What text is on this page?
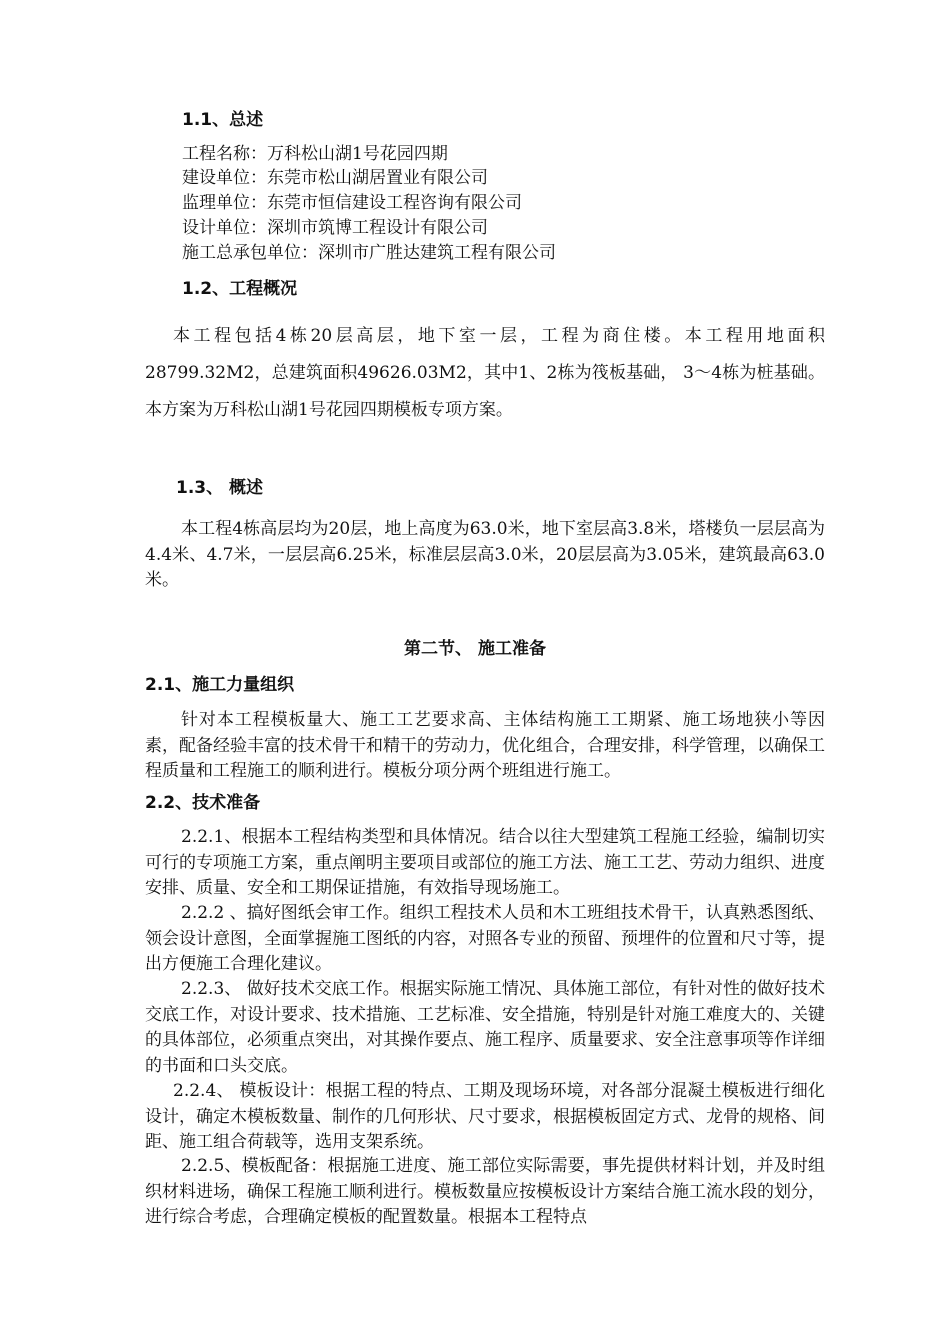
1.1、总述
工程名称：万科松山湖1号花园四期
建设单位：东莞市松山湖居置业有限公司
监理单位：东莞市恒信建设工程咨询有限公司
设计单位：深圳市筑博工程设计有限公司
施工总承包单位：深圳市广胜达建筑工程有限公司
1.2、工程概况
本工程包括4栋20层高层，地下室一层，工程为商住楼。本工程用地面积28799.32M2，总建筑面积49626.03M2，其中1、2栋为筏板基础， 3～4栋为桩基础。本方案为万科松山湖1号花园四期模板专项方案。
1.3、 概述
本工程4栋高层均为20层，地上高度为63.0米，地下室层高3.8米，塔楼负一层层高为4.4米、4.7米，一层层高6.25米，标准层层高3.0米，20层层高为3.05米，建筑最高63.0米。
第二节、 施工准备
2.1、施工力量组织
针对本工程模板量大、施工工艺要求高、主体结构施工工期紧、施工场地狭小等因素，配备经验丰富的技术骨干和精干的劳动力，优化组合，合理安排，科学管理，以确保工程质量和工程施工的顺利进行。模板分项分两个班组进行施工。
2.2、技术准备
2.2.1、根据本工程结构类型和具体情况。结合以往大型建筑工程施工经验，编制切实可行的专项施工方案，重点阐明主要项目或部位的施工方法、施工工艺、劳动力组织、进度安排、质量、安全和工期保证措施，有效指导现场施工。
2.2.2 、搞好图纸会审工作。组织工程技术人员和木工班组技术骨干，认真熟悉图纸、领会设计意图，全面掌握施工图纸的内容，对照各专业的预留、预埋件的位置和尺寸等，提出方便施工合理化建议。
2.2.3、 做好技术交底工作。根据实际施工情况、具体施工部位，有针对性的做好技术交底工作，对设计要求、技术措施、工艺标准、安全措施，特别是针对施工难度大的、关键的具体部位，必须重点突出，对其操作要点、施工程序、质量要求、安全注意事项等作详细的书面和口头交底。
2.2.4、 模板设计：根据工程的特点、工期及现场环境，对各部分混凝土模板进行细化设计，确定木模板数量、制作的几何形状、尺寸要求，根据模板固定方式、龙骨的规格、间距、施工组合荷载等，选用支架系统。
2.2.5、模板配备：根据施工进度、施工部位实际需要，事先提供材料计划，并及时组织材料进场，确保工程施工顺利进行。模板数量应按模板设计方案结合施工流水段的划分，进行综合考虑，合理确定模板的配置数量。根据本工程特点
